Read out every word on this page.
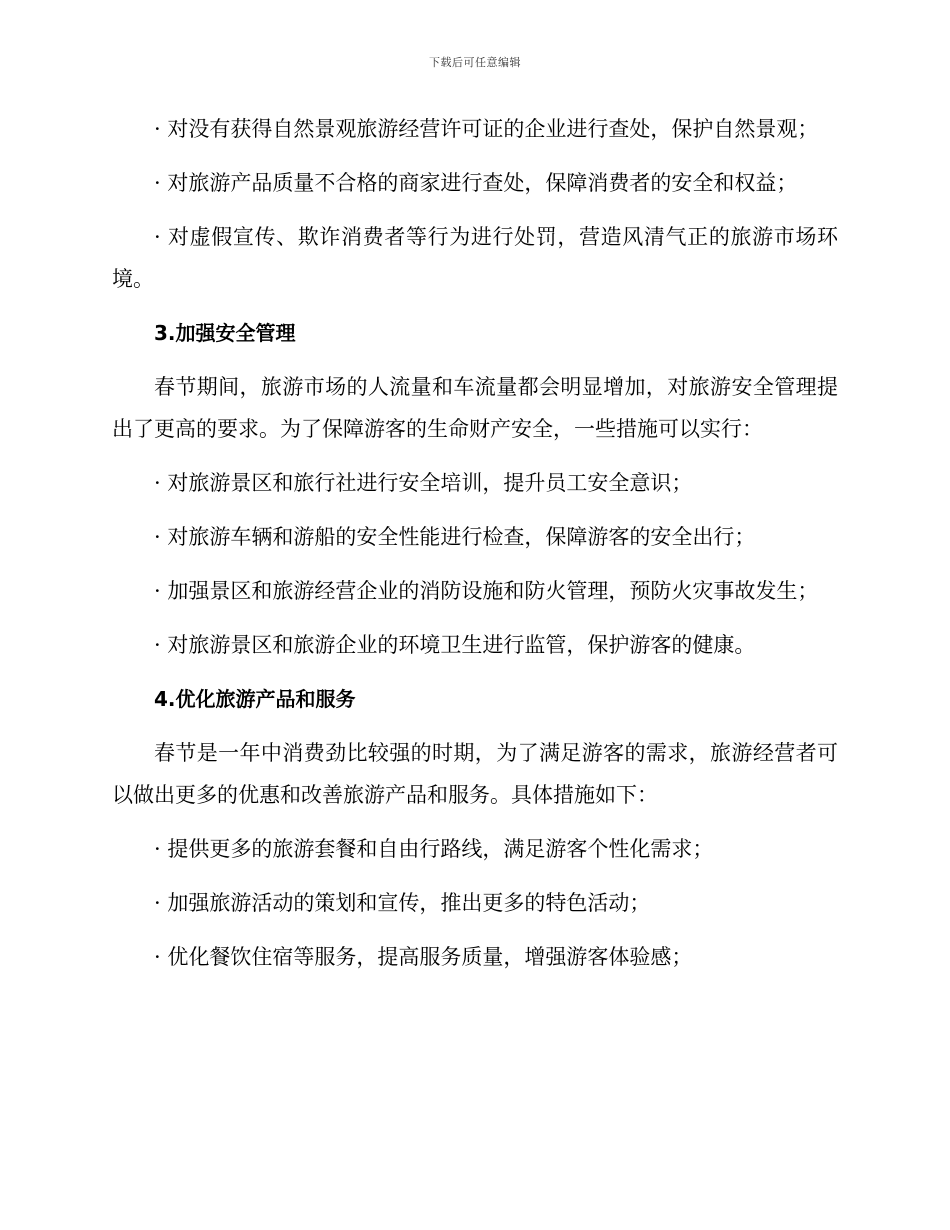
下载后可任意编辑

· 对没有获得自然景观旅游经营许可证的企业进行查处，保护自然景观；

· 对旅游产品质量不合格的商家进行查处，保障消费者的安全和权益；

· 对虚假宣传、欺诈消费者等行为进行处罚，营造风清气正的旅游市场环境。

3.加强安全管理

春节期间，旅游市场的人流量和车流量都会明显增加，对旅游安全管理提出了更高的要求。为了保障游客的生命财产安全，一些措施可以实行：

· 对旅游景区和旅行社进行安全培训，提升员工安全意识；

· 对旅游车辆和游船的安全性能进行检查，保障游客的安全出行；

· 加强景区和旅游经营企业的消防设施和防火管理，预防火灾事故发生；

· 对旅游景区和旅游企业的环境卫生进行监管，保护游客的健康。

4.优化旅游产品和服务

春节是一年中消费劲比较强的时期，为了满足游客的需求，旅游经营者可以做出更多的优惠和改善旅游产品和服务。具体措施如下：

· 提供更多的旅游套餐和自由行路线，满足游客个性化需求；

· 加强旅游活动的策划和宣传，推出更多的特色活动；

· 优化餐饮住宿等服务，提高服务质量，增强游客体验感；
